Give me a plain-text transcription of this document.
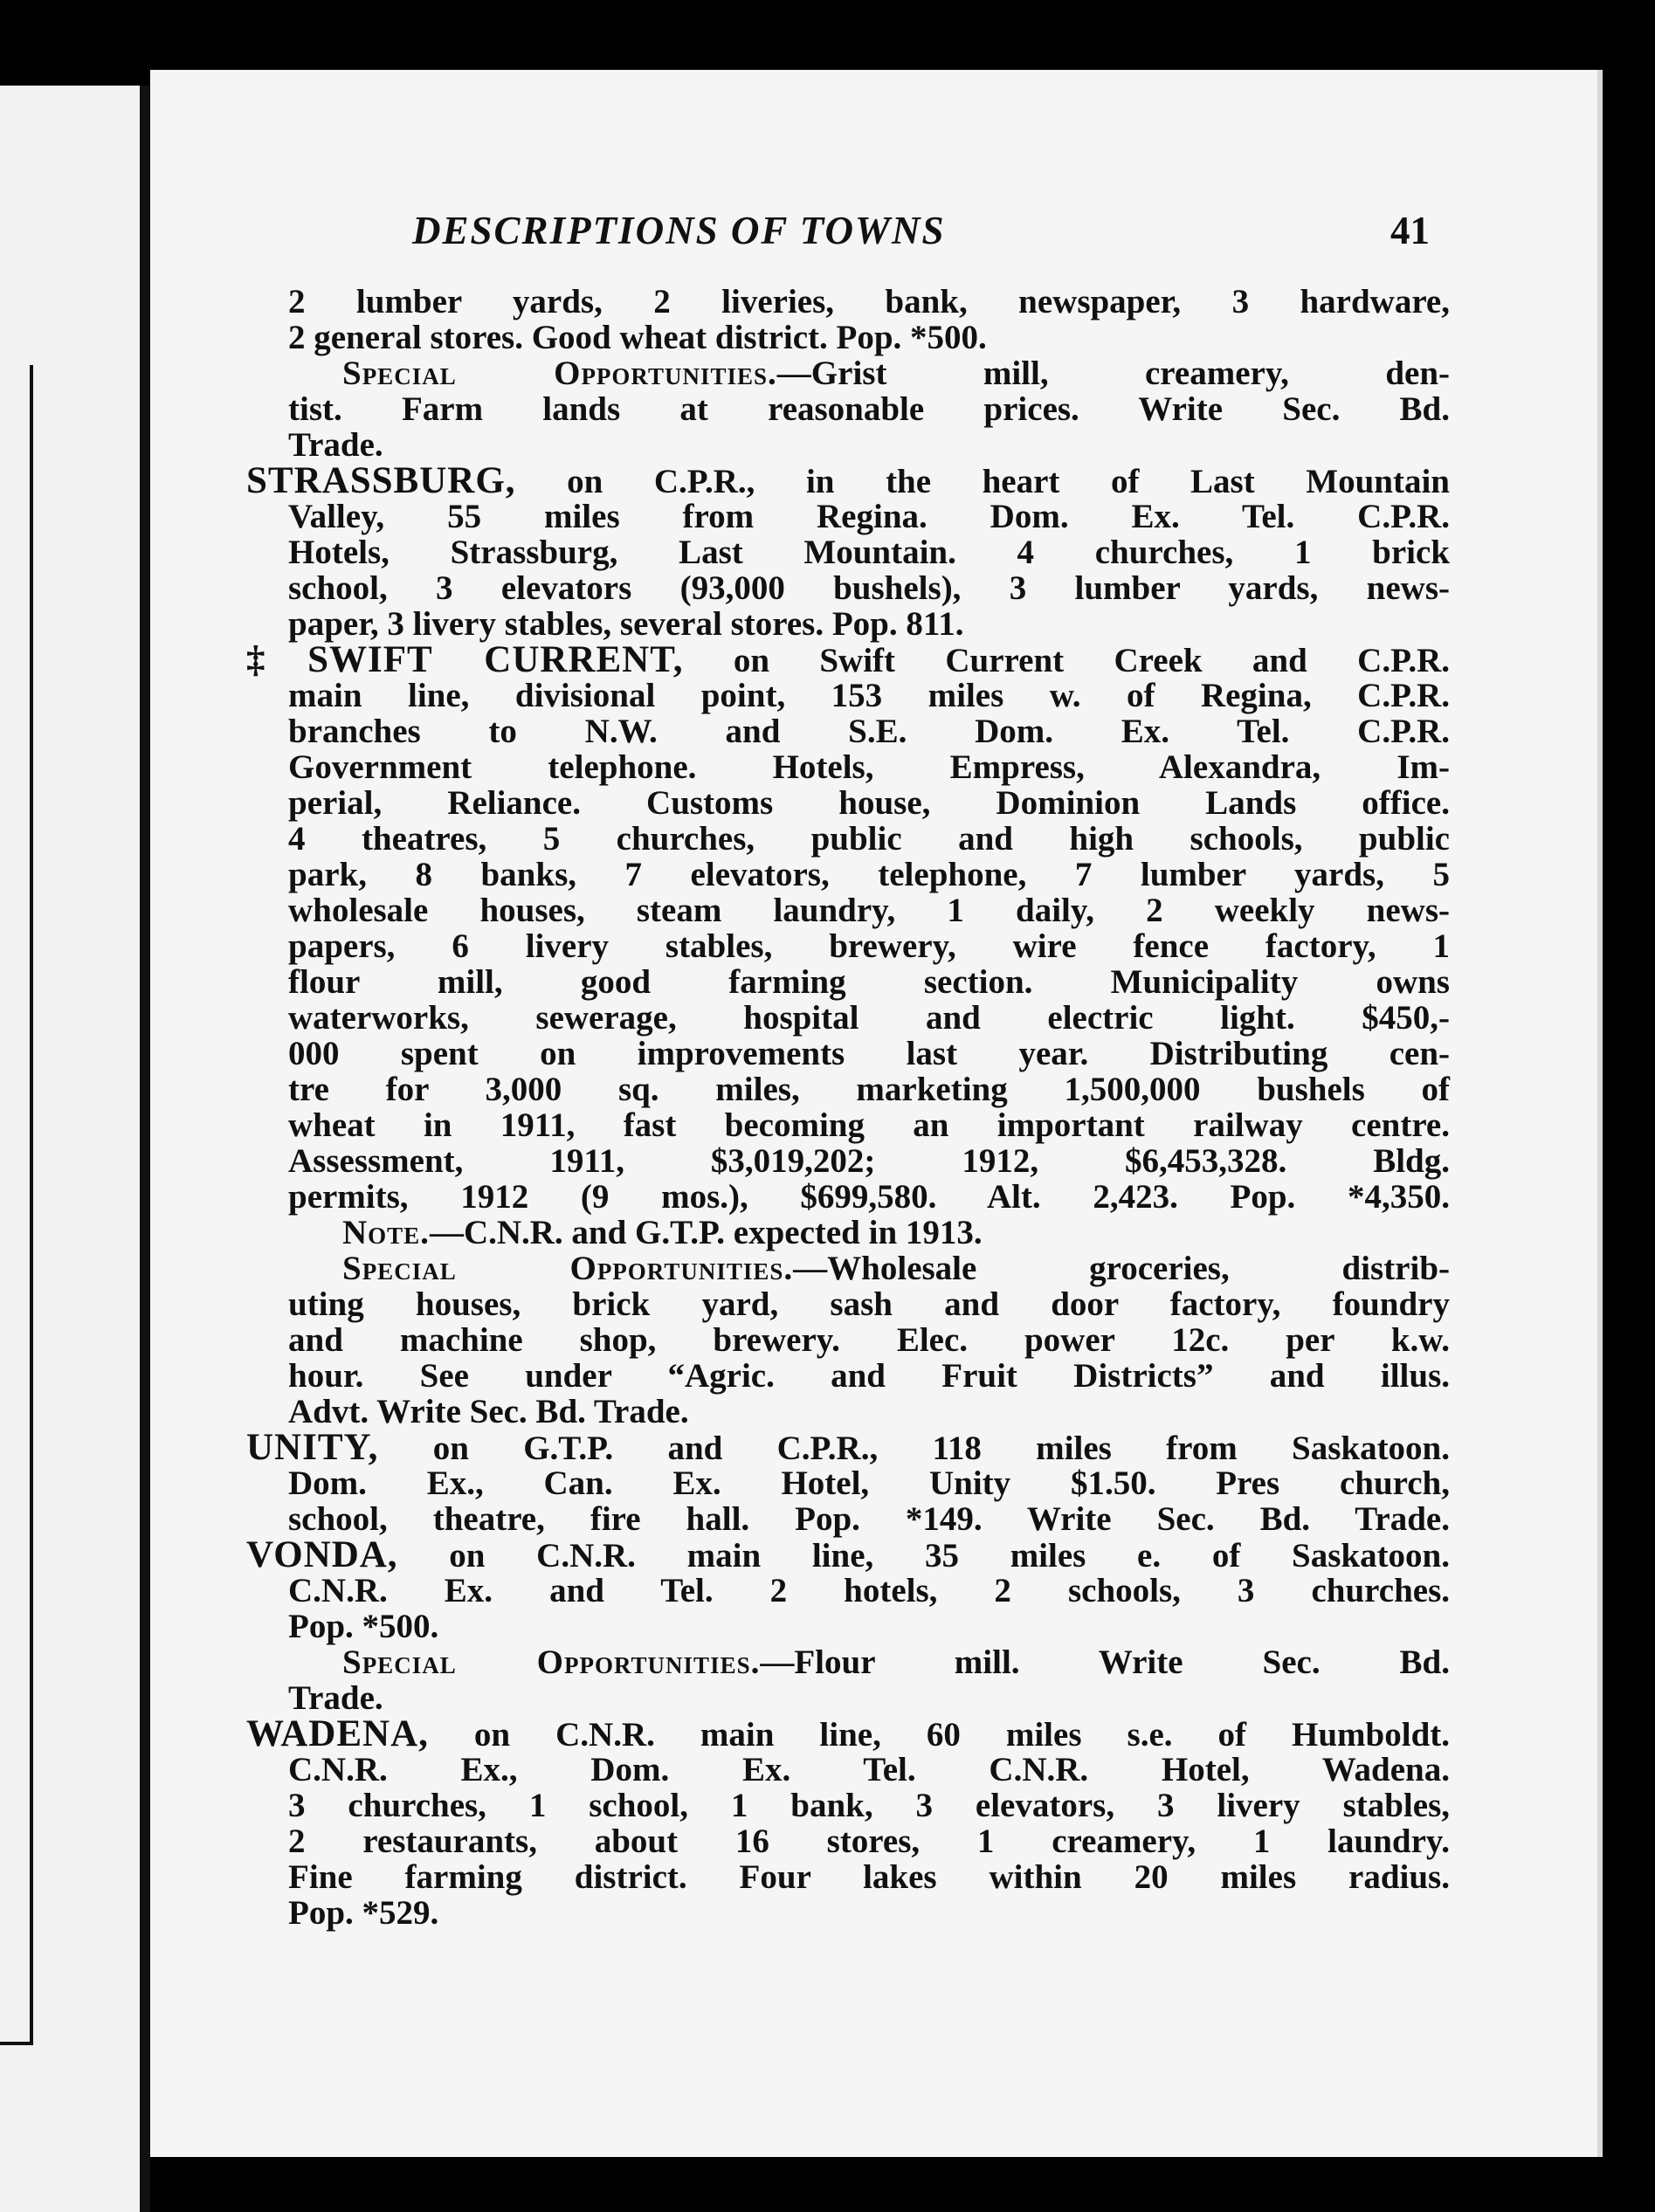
DESCRIPTIONS OF TOWNS	41
2 lumber yards, 2 liveries, bank, newspaper, 3 hardware,
2 general stores. Good wheat district. Pop. *500.
Special Opportunities.—Grist mill, creamery, den-
tist. Farm lands at reasonable prices. Write Sec. Bd.
Trade.
STRASSBURG, on C.P.R., in the heart of Last Mountain
Valley, 55 miles from Regina. Dom. Ex. Tel. C.P.R.
Hotels, Strassburg, Last Mountain. 4 churches, 1 brick
school, 3 elevators (93,000 bushels), 3 lumber yards, news-
paper, 3 livery stables, several stores. Pop. 811.
‡SWIFT CURRENT, on Swift Current Creek and C.P.R.
main line, divisional point, 153 miles w. of Regina, C.P.R.
branches to N.W. and S.E. Dom. Ex. Tel. C.P.R.
Government telephone. Hotels, Empress, Alexandra, Im-
perial, Reliance. Customs house, Dominion Lands office.
4 theatres, 5 churches, public and high schools, public
park, 8 banks, 7 elevators, telephone, 7 lumber yards, 5
wholesale houses, steam laundry, 1 daily, 2 weekly news-
papers, 6 livery stables, brewery, wire fence factory, 1
flour mill, good farming section. Municipality owns
waterworks, sewerage, hospital and electric light. $450,-
000 spent on improvements last year. Distributing cen-
tre for 3,000 sq. miles, marketing 1,500,000 bushels of
wheat in 1911, fast becoming an important railway centre.
Assessment, 1911, $3,019,202; 1912, $6,453,328. Bldg.
permits, 1912 (9 mos.), $699,580. Alt. 2,423. Pop. *4,350.
Note.—C.N.R. and G.T.P. expected in 1913.
Special Opportunities.—Wholesale groceries, distrib-
uting houses, brick yard, sash and door factory, foundry
and machine shop, brewery. Elec. power 12c. per k.w.
hour. See under “Agric. and Fruit Districts” and illus.
Advt. Write Sec. Bd. Trade.
UNITY, on G.T.P. and C.P.R., 118 miles from Saskatoon.
Dom. Ex., Can. Ex. Hotel, Unity $1.50. Pres church,
school, theatre, fire hall. Pop. *149. Write Sec. Bd. Trade.
VONDA, on C.N.R. main line, 35 miles e. of Saskatoon.
C.N.R. Ex. and Tel. 2 hotels, 2 schools, 3 churches.
Pop. *500.
Special Opportunities.—Flour mill. Write Sec. Bd.
Trade.
WADENA, on C.N.R. main line, 60 miles s.e. of Humboldt.
C.N.R. Ex., Dom. Ex. Tel. C.N.R. Hotel, Wadena.
3 churches, 1 school, 1 bank, 3 elevators, 3 livery stables,
2 restaurants, about 16 stores, 1 creamery, 1 laundry.
Fine farming district. Four lakes within 20 miles radius.
Pop. *529.
